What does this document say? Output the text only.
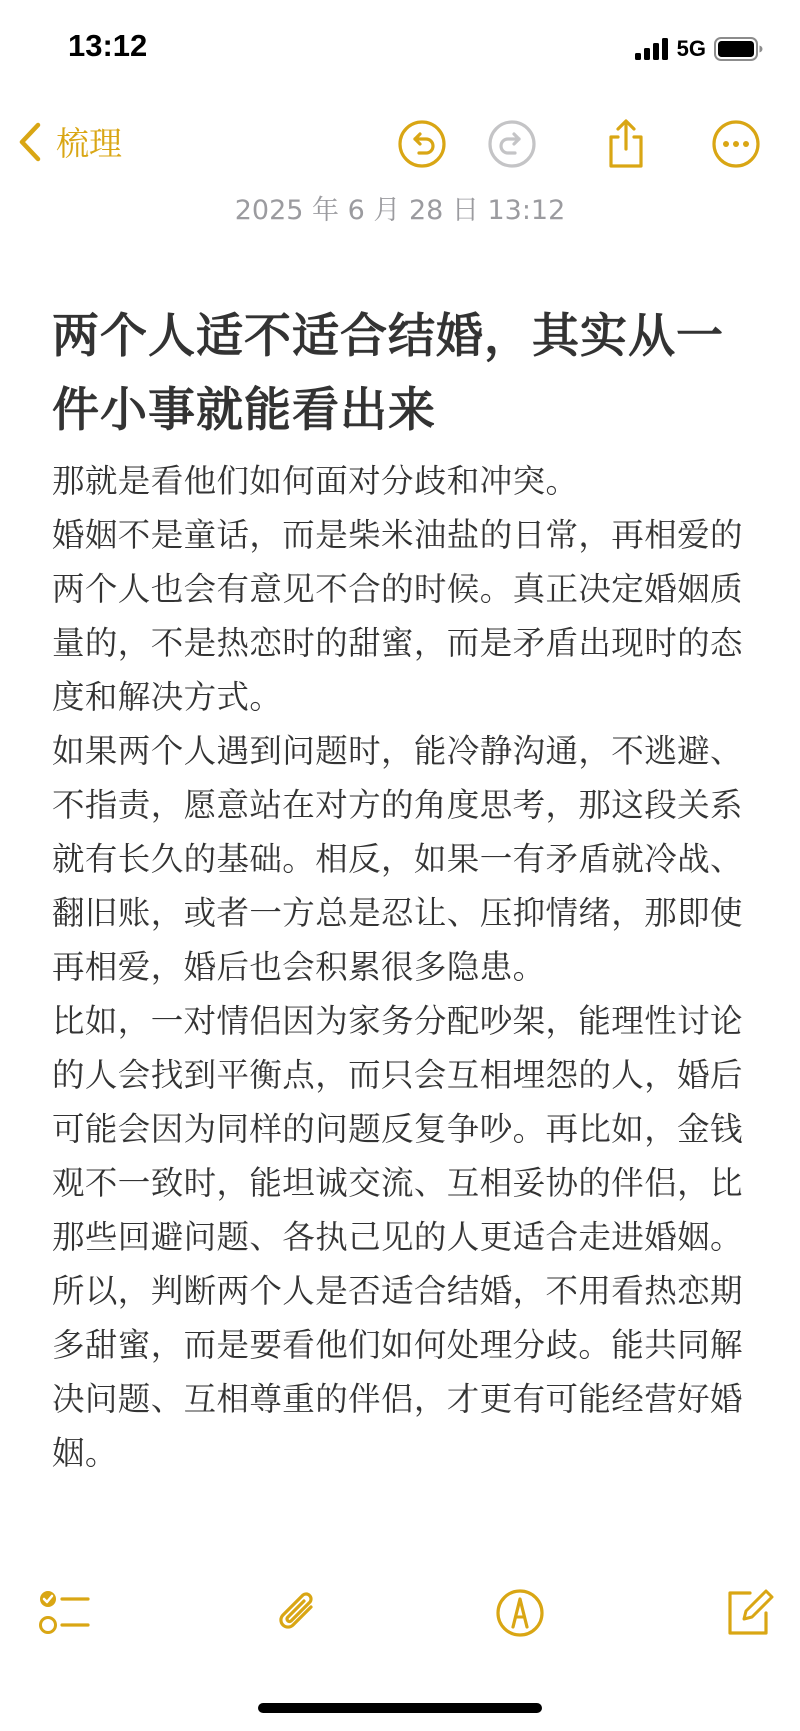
13:12	5G
梳理
2025 年 6 月 28 日 13:12
两个人适不适合结婚，其实从一件小事就能看出来

那就是看他们如何面对分歧和冲突。

婚姻不是童话，而是柴米油盐的日常，再相爱的两个人也会有意见不合的时候。真正决定婚姻质量的，不是热恋时的甜蜜，而是矛盾出现时的态度和解决方式。

如果两个人遇到问题时，能冷静沟通，不逃避、不指责，愿意站在对方的角度思考，那这段关系就有长久的基础。相反，如果一有矛盾就冷战、翻旧账，或者一方总是忍让、压抑情绪，那即使再相爱，婚后也会积累很多隐患。

比如，一对情侣因为家务分配吵架，能理性讨论的人会找到平衡点，而只会互相埋怨的人，婚后可能会因为同样的问题反复争吵。再比如，金钱观不一致时，能坦诚交流、互相妥协的伴侣，比那些回避问题、各执己见的人更适合走进婚姻。

所以，判断两个人是否适合结婚，不用看热恋期多甜蜜，而是要看他们如何处理分歧。能共同解决问题、互相尊重的伴侣，才更有可能经营好婚姻。
